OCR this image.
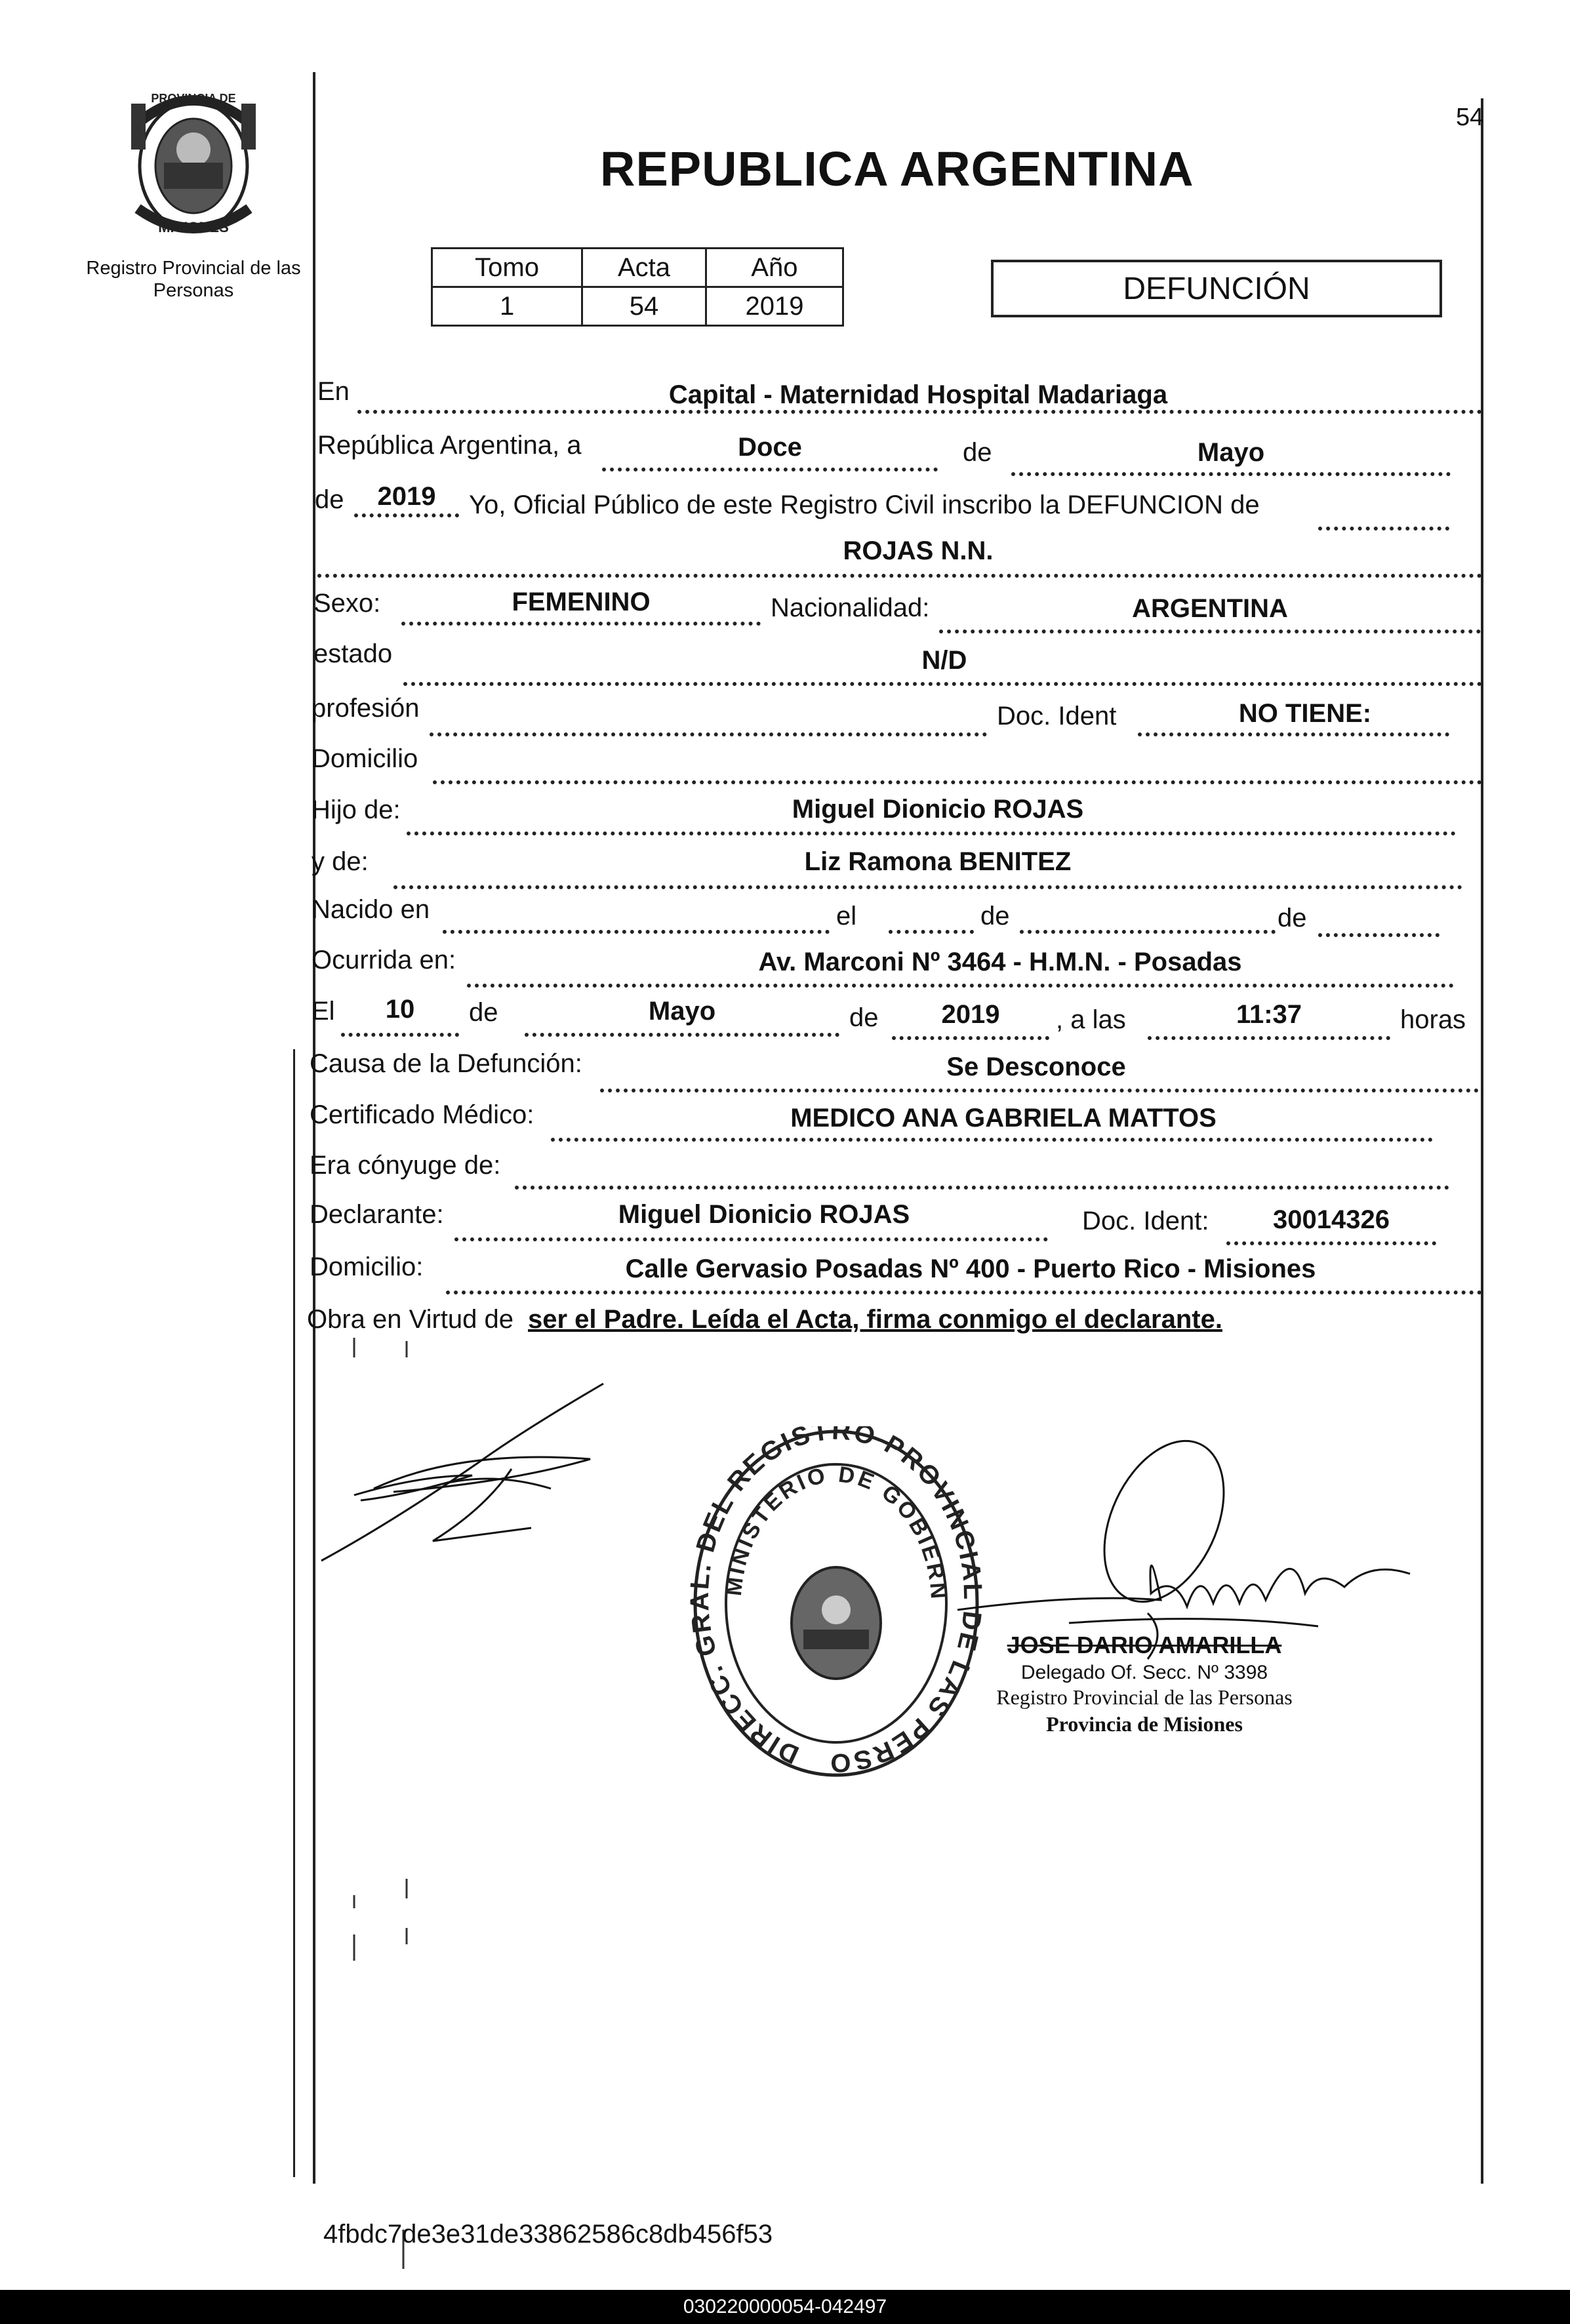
PROVINCIA DE
MISIONES
Registro Provincial de las Personas
54
REPUBLICA ARGENTINA
Tomo	Acta	Año
1	54	2019	DEFUNCIÓN
En	Capital - Maternidad Hospital Madariaga
República Argentina, a	Doce	de	Mayo
de	2019	Yo, Oficial Público de este Registro Civil inscribo la DEFUNCION de
ROJAS N.N.
Sexo:	FEMENINO	Nacionalidad:	ARGENTINA
estado	N/D
profesión	Doc. Ident	NO TIENE:
Domicilio
Hijo de:	Miguel Dionicio ROJAS
y de:	Liz Ramona BENITEZ
Nacido en	el	de	de
Ocurrida en:	Av. Marconi Nº 3464 - H.M.N. - Posadas
El	10	de	Mayo	de	2019	, a las	11:37	horas
Causa de la Defunción:	Se Desconoce
Certificado Médico:	MEDICO ANA GABRIELA MATTOS
Era cónyuge de:
Declarante:	Miguel Dionicio ROJAS	Doc. Ident:	30014326
Domicilio:	Calle Gervasio Posadas Nº 400 - Puerto Rico - Misiones
Obra en Virtud de ser el Padre. Leída el Acta, firma conmigo el declarante.
DIRECC. GR . DEL REGISTRO PROVINCIA DE LAS PERSO
MINISTERIO DE GOBIERN
JOSE DARIO AMARILLA
Delegado Of. Secc. Nº 3398
Registro Provincial de las Personas
Provincia de Misiones
4fbdc7de3e31de33862586c8db456f53
030220000054-042497
